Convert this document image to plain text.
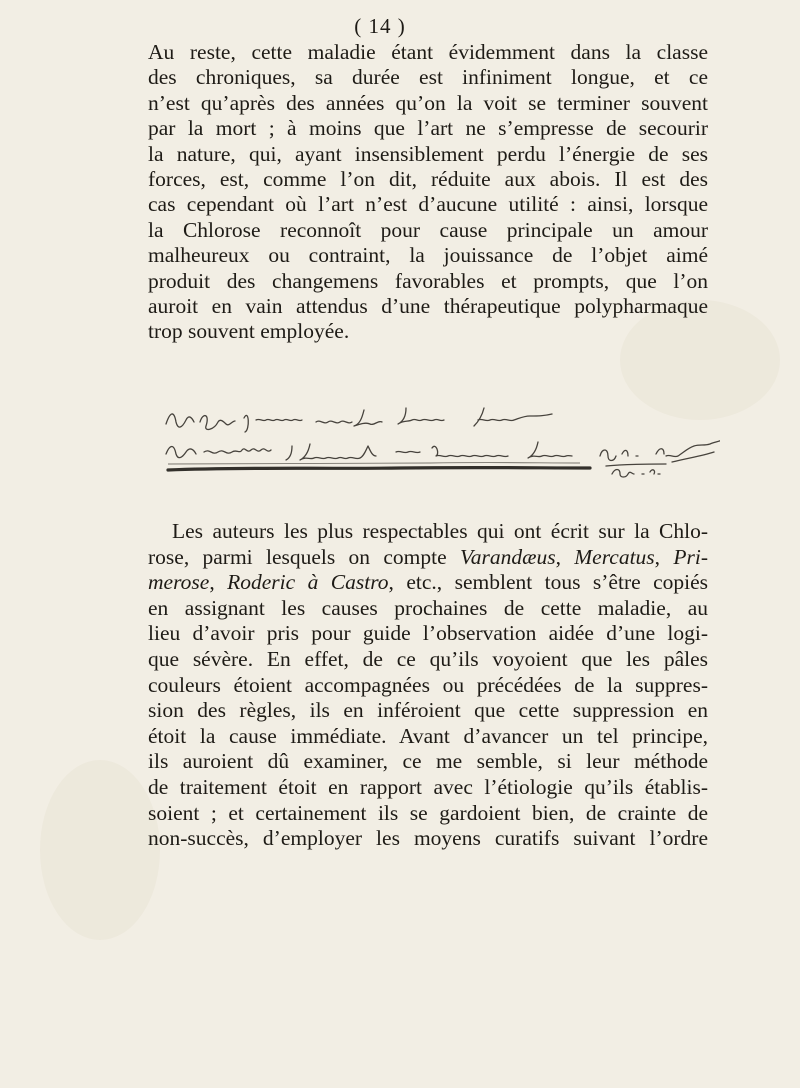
( 14 )
Au reste, cette maladie étant évidemment dans la classe
des chroniques, sa durée est infiniment longue, et ce
n’est qu’après des années qu’on la voit se terminer souvent
par la mort ; à moins que l’art ne s’empresse de secourir
la nature, qui, ayant insensiblement perdu l’énergie de ses
forces, est, comme l’on dit, réduite aux abois. Il est des
cas cependant où l’art n’est d’aucune utilité : ainsi, lorsque
la Chlorose reconnoît pour cause principale un amour
malheureux ou contraint, la jouissance de l’objet aimé
produit des changemens favorables et prompts, que l’on
auroit en vain attendus d’une thérapeutique polypharmaque
trop souvent employée.
Les auteurs les plus respectables qui ont écrit sur la Chlo-
rose, parmi lesquels on compte Varandæus, Mercatus, Pri-
merose, Roderic à Castro, etc., semblent tous s’être copiés
en assignant les causes prochaines de cette maladie, au
lieu d’avoir pris pour guide l’observation aidée d’une logi-
que sévère. En effet, de ce qu’ils voyoient que les pâles
couleurs étoient accompagnées ou précédées de la suppres-
sion des règles, ils en inféroient que cette suppression en
étoit la cause immédiate. Avant d’avancer un tel principe,
ils auroient dû examiner, ce me semble, si leur méthode
de traitement étoit en rapport avec l’étiologie qu’ils établis-
soient ; et certainement ils se gardoient bien, de crainte de
non-succès, d’employer les moyens curatifs suivant l’ordre
